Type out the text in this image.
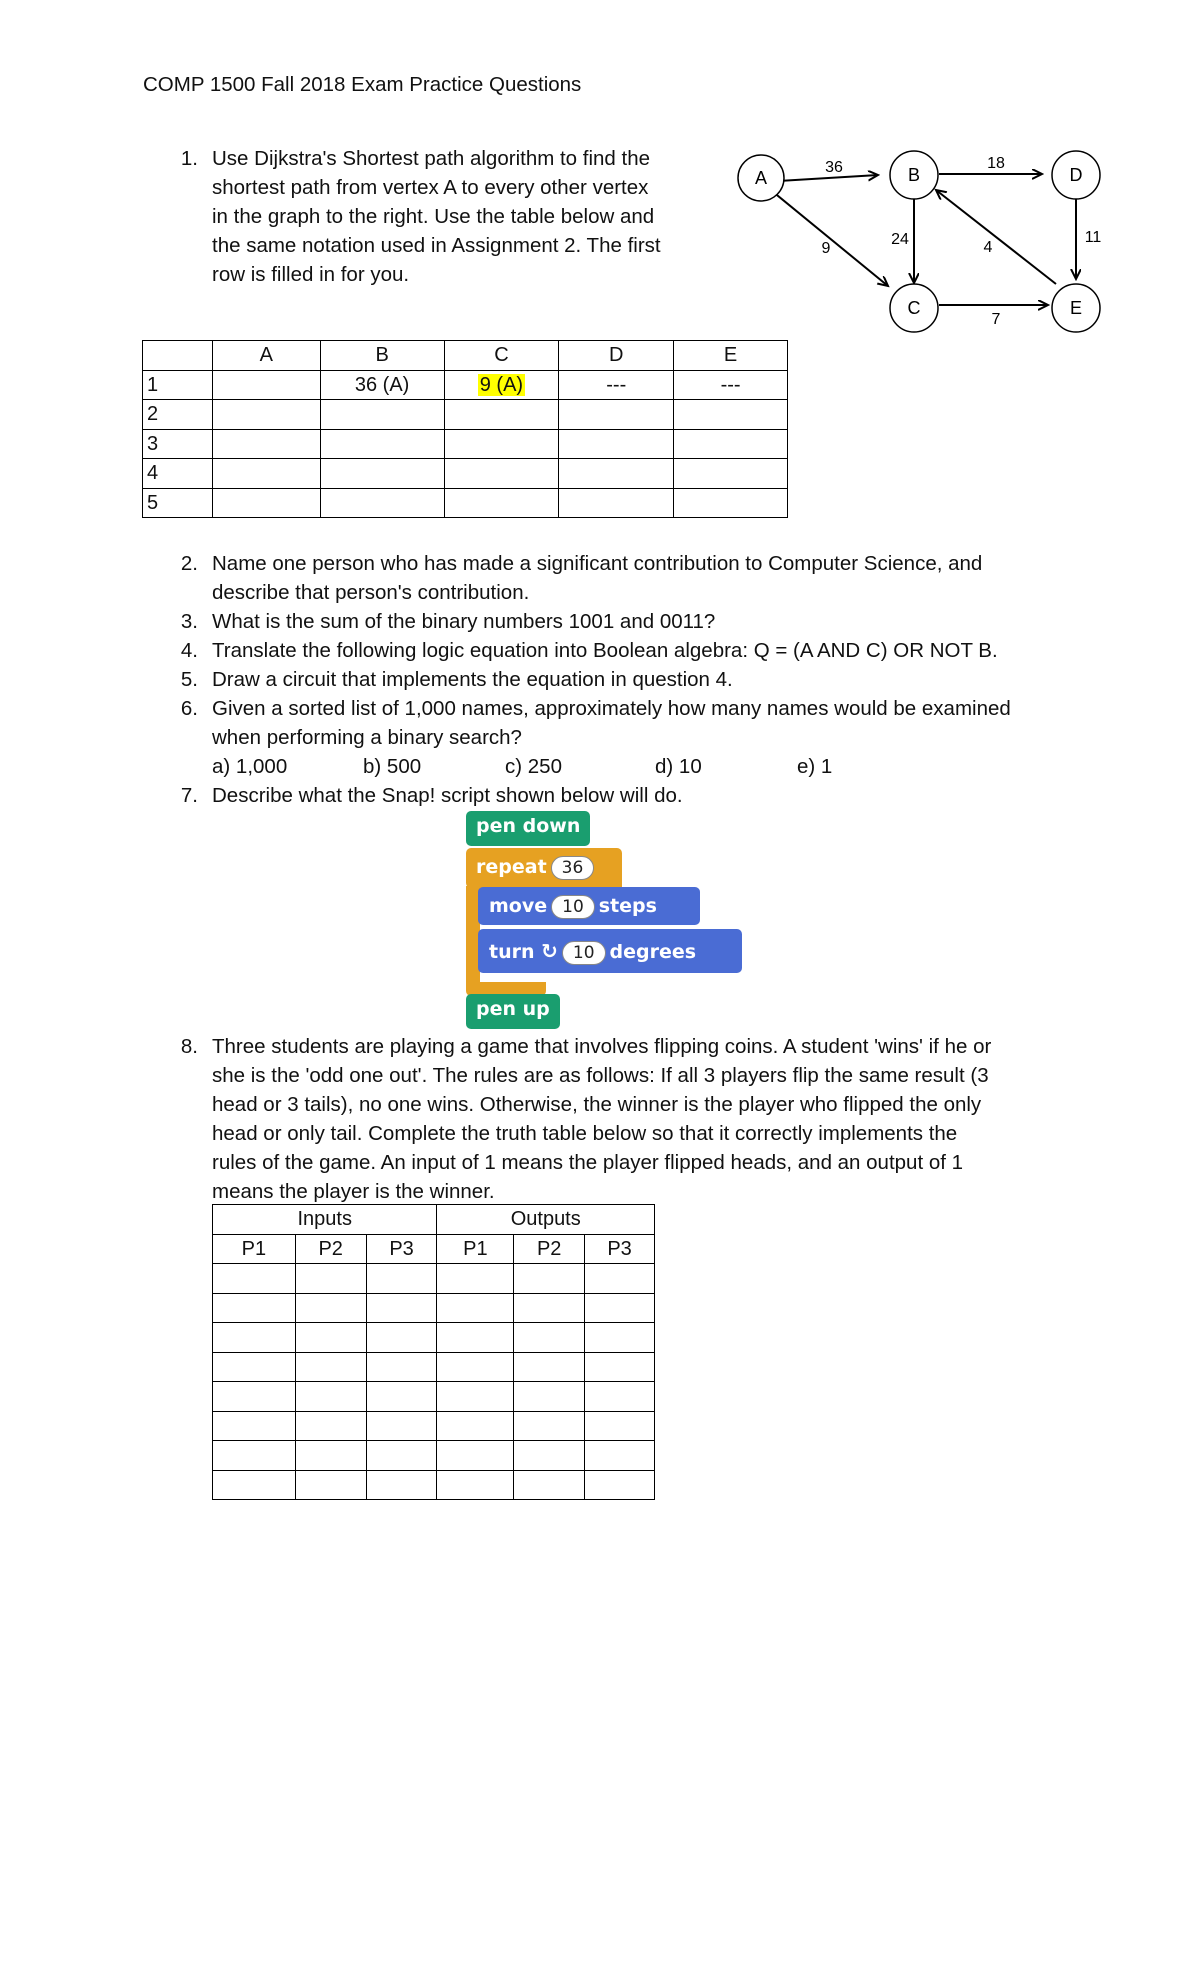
COMP 1500 Fall 2018 Exam Practice Questions
1. Use Dijkstra's Shortest path algorithm to find the
shortest path from vertex A to every other vertex
in the graph to the right. Use the table below and
the same notation used in Assignment 2. The first
row is filled in for you.
A	B
C
D
E
36
9
18
24	4
11
7
	A	B	C	D	E
1		36 (A)	9 (A)	---	---
2					
3					
4					
5					
2. Name one person who has made a significant contribution to Computer Science, and
describe that person's contribution.
3. What is the sum of the binary numbers 1001 and 0011?
4. Translate the following logic equation into Boolean algebra: Q = (A AND C) OR NOT B.
5. Draw a circuit that implements the equation in question 4.
6. Given a sorted list of 1,000 names, approximately how many names would be examined
when performing a binary search?
a) 1,000	b) 500	c) 250	d) 10	e) 1
7. Describe what the Snap! script shown below will do.
pen down
repeat 36
move 10 steps
turn ↻ 10 degrees
pen up
8. Three students are playing a game that involves flipping coins. A student 'wins' if he or
she is the 'odd one out'. The rules are as follows: If all 3 players flip the same result (3
head or 3 tails), no one wins. Otherwise, the winner is the player who flipped the only
head or only tail. Complete the truth table below so that it correctly implements the
rules of the game. An input of 1 means the player flipped heads, and an output of 1
means the player is the winner.
Inputs			Outputs		
P1	P2	P3	P1	P2	P3
